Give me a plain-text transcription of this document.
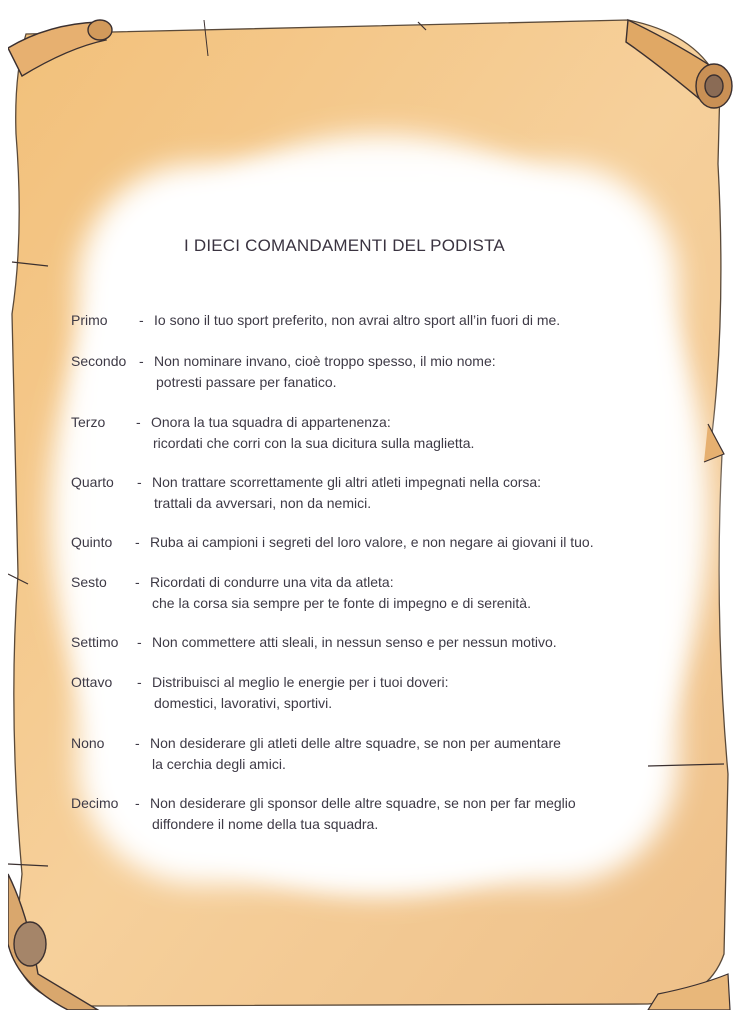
I DIECI COMANDAMENTI DEL PODISTA
Primo - Io sono il tuo sport preferito, non avrai altro sport all’in fuori di me.
Secondo - Non nominare invano, cioè troppo spesso, il mio nome:
potresti passare per fanatico.
Terzo - Onora la tua squadra di appartenenza:
ricordati che corri con la sua dicitura sulla maglietta.
Quarto - Non trattare scorrettamente gli altri atleti impegnati nella corsa:
trattali da avversari, non da nemici.
Quinto - Ruba ai campioni i segreti del loro valore, e non negare ai giovani il tuo.
Sesto - Ricordati di condurre una vita da atleta:
che la corsa sia sempre per te fonte di impegno e di serenità.
Settimo - Non commettere atti sleali, in nessun senso e per nessun motivo.
Ottavo - Distribuisci al meglio le energie per i tuoi doveri:
domestici, lavorativi, sportivi.
Nono - Non desiderare gli atleti delle altre squadre, se non per aumentare
la cerchia degli amici.
Decimo - Non desiderare gli sponsor delle altre squadre, se non per far meglio
diffondere il nome della tua squadra.
